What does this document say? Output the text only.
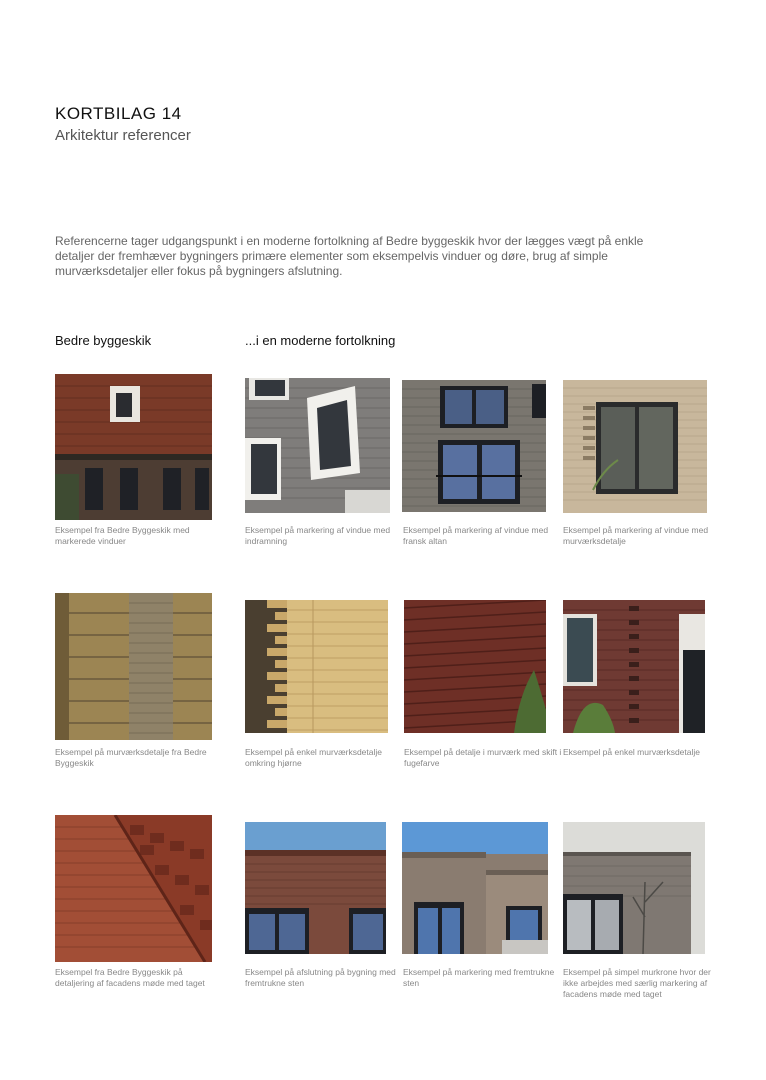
KORTBILAG 14
Arkitektur referencer
Referencerne tager udgangspunkt i en moderne fortolkning af Bedre byggeskik hvor der lægges vægt på enkle detaljer der fremhæver bygningers primære elementer som eksempelvis vinduer og døre, brug af simple murværksdetaljer eller fokus på bygningers afslutning.
Bedre byggeskik	...i en moderne fortolkning
Eksempel fra Bedre Byggeskik med markerede vinduer
Eksempel på markering af vindue med indramning
Eksempel på markering af vindue med fransk altan
Eksempel på markering af vindue med murværksdetalje
Eksempel på murværksdetalje fra Bedre Byggeskik
Eksempel på enkel murværksdetalje omkring hjørne
Eksempel på detalje i murværk med skift i fugefarve
Eksempel på enkel murværksdetalje
Eksempel fra Bedre Byggeskik på detaljering af facadens møde med taget
Eksempel på afslutning på bygning med fremtrukne sten
Eksempel på markering med fremtrukne sten
Eksempel på simpel murkrone hvor der ikke arbejdes med særlig markering af facadens møde med taget
